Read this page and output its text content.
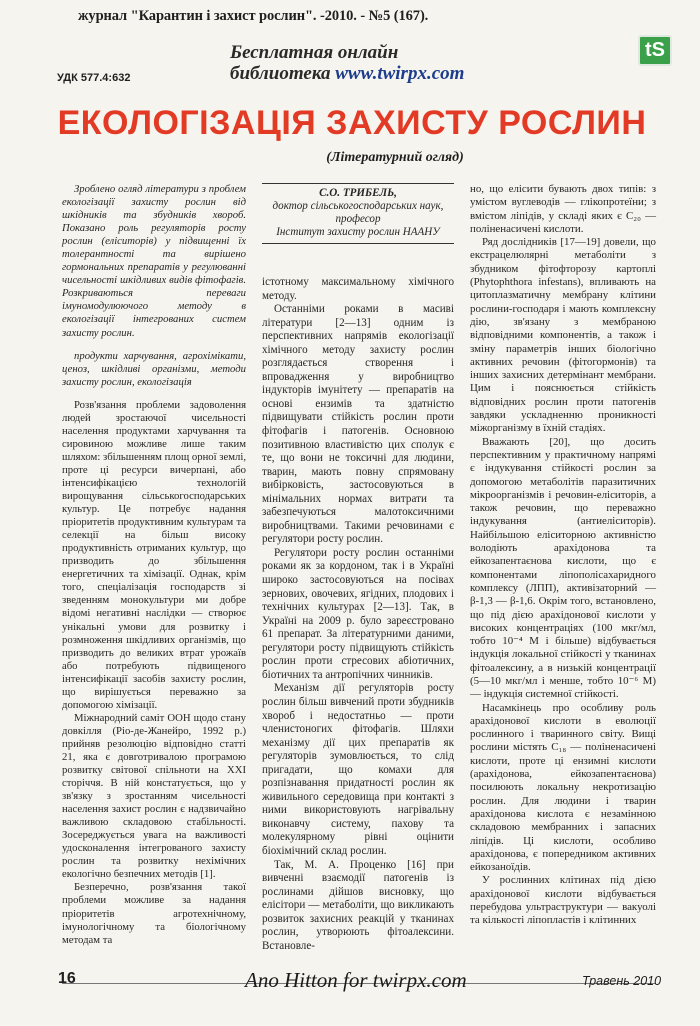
журнал "Карантин і захист рослин". -2010. - №5 (167).
Бесплатная онлайн
библиотека www.twirpx.com
tS
УДК 577.4:632
ЕКОЛОГІЗАЦІЯ ЗАХИСТУ РОСЛИН
(Літературний огляд)

Зроблено огляд літератури з проблем екологізації захисту рослин від шкідників та збудників хвороб. Показано роль регуляторів росту рослин (еліситорів) у підвищенні їх толерантності та вирішено гормональних препаратів у регулюванні чисельності шкідливих видів фітофагів. Розкриваються переваги імуномодулюючого методу в екологізації інтегрованих систем захисту рослин.

продукти харчування, агрохімікати, ценоз, шкідливі організми, методи захисту рослин, екологізація

Розв'язання проблеми задоволення людей зростаючої чисельності населення продуктами харчування та сировиною можливе лише таким шляхом: збільшенням площ орної землі, проте ці ресурси вичерпані, або інтенсифікацією технологій вирощування сільськогосподарських культур. Це потребує надання пріоритетів продуктивним культурам та селекції на більш високу продуктивність отриманих культур, що призводить до збільшення енергетичних та хімізації. Однак, крім того, спеціалізація господарств зі зведенням монокультури ми добре відомі негативні наслідки — створює унікальні умови для розвитку і розмноження шкідливих організмів, що призводить до великих втрат урожаїв або потребують підвищеного інтенсифікації засобів захисту рослин, що вирішується переважно за допомогою хімізації.

Міжнародний саміт ООН щодо стану довкілля (Ріо-де-Жанейро, 1992 р.) прийняв резолюцію відповідно статті 21, яка є довготривалою програмою розвитку світової спільноти на XXI сторіччя. В ній констатується, що у зв'язку з зростанням чисельності населення захист рослин є надзвичайно важливою складовою стабільності. Зосереджується увага на важливості удосконалення інтегрованого захисту рослин та розвитку нехімічних екологічно безпечних методів [1].

Безперечно, розв'язання такої проблеми можливе за надання пріоритетів агротехнічному, імунологічному та біологічному методам та

С.О. ТРИБЕЛЬ,
доктор сільськогосподарських наук,
професор
Інститут захисту рослин НААНУ

істотному максимальному хімічного методу.

Останніми роками в масиві літератури [2—13] одним із перспективних напрямів екологізації хімічного методу захисту рослин розглядається створення і впровадження у виробництво індукторів імунітету — препаратів на основі ензимів та здатністю підвищувати стійкість рослин проти фітофагів і патогенів. Основною позитивною властивістю цих сполук є те, що вони не токсичні для людини, тварин, мають повну спрямовану вибірковість, застосовуються в мінімальних нормах витрати та забезпечуються малотоксичними виробництвами. Такими речовинами є регулятори росту рослин.

Регулятори росту рослин останніми роками як за кордоном, так і в Україні широко застосовуються на посівах зернових, овочевих, ягідних, плодових і технічних культурах [2—13]. Так, в Україні на 2009 р. було зареєстровано 61 препарат. За літературними даними, регулятори росту підвищують стійкість рослин проти стресових абіотичних, біотичних та антропічних чинників.

Механізм дії регуляторів росту рослин більш вивчений проти збудників хвороб і недостатньо — проти членистоногих фітофагів. Шляхи механізму дії цих препаратів як регуляторів зумовлюється, то слід пригадати, що комахи для розпізнавання придатності рослин як живильного середовища при контакті з ними використовують нагрівальну виконавчу систему, пахову та молекулярному рівні оцінити біохімічний склад рослин.

Так, М. А. Проценко [16] при вивченні взаємодії патогенів із рослинами дійшов висновку, що елісітори — метаболіти, що викликають розвиток захисних реакцій у тканинах рослин, утворюють фітоалексини. Встановле-

но, що елісити бувають двох типів: з умістом вуглеводів — глікопротеїни; з вмістом ліпідів, у складі яких є C₂₀ — поліненасичені кислоти.

Ряд дослідників [17—19] довели, що екстрацелюлярні метаболіти з збудником фітофторозу картоплі (Phytophthora infestans), впливають на цитоплазматичну мембрану клітини рослини-господаря і мають комплексну дію, зв'язану з мембраною відповідними компонентів, а також і зміну параметрів інших біологічно активних речовин (фітогормонів) та інших захисних детермінант мембрани. Цим і пояснюється стійкість відповідних рослин проти патогенів завдяки ускладненню проникності міжорганізму в їхній стадіях.

Вважають [20], що досить перспективним у практичному напрямі є індукування стійкості рослин за допомогою метаболітів паразитичних мікроорганізмів і речовин-еліситорів, а також речовин, що переважно індукування (антиеліситорів). Найбільшою еліситорною активністю володіють арахідонова та ейкозапентаєнова кислоти, що є компонентами ліпополісахаридного комплексу (ЛПП), активізаторний — β-1,3 — β-1,6. Окрім того, встановлено, що під дією арахідонової кислоти у високих концентраціях (100 мкг/мл, тобто 10⁻⁴ М і більше) відбувається індукція локальної стійкості у тканинах фітоалексину, а в низькій концентрації (5—10 мкг/мл і менше, тобто 10⁻⁶ М) — індукція системної стійкості.

Насамкінець про особливу роль арахідонової кислоти в еволюції рослинного і тваринного світу. Вищі рослини містять C₁₈ — поліненасичені кислоти, проте ці ензимні кислоти (арахідонова, ейкозапентаєнова) посилюють локальну некротизацію рослин. Для людини і тварин арахідонова кислота є незамінною складовою мембранних і запасних ліпідів. Ці кислоти, особливо арахідонова, є попередником активних ейкозаноїдів.

У рослинних клітинах під дією арахідонової кислоти відбувається перебудова ультраструктури — вакуолі та кількості ліпопластів і клітинних

16	Ano Hitton for twirpx.com	Травень 2010
